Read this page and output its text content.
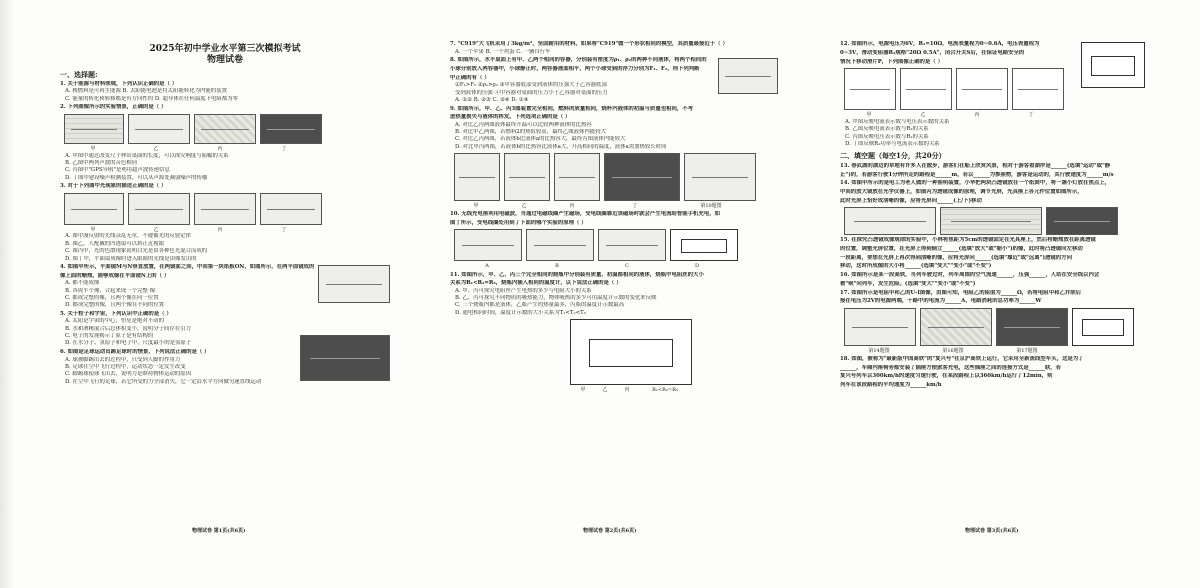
2025年初中学业水平第三次模拟考试
物理试卷
一、选择题:
1. 关于能源与材料领域，下列认识正确的是（ ）
A. 核燃料是可再生能源 B. 太阳能电池是将太阳能转化为内能的装置
C. 能量的转化和转移都是有方向性的 D. 超导体在任何温度下电阻都为零
2. 下列图像所示的实验情景，正确的是（ ）
甲	乙	丙	丁
A. 甲图中通过改变尺子伸出桌面的长度，可以探究响度与振幅的关系
B. 乙图中两列声波的音色相同
C. 丙图中"GPS导航"是利用超声波传递信息
D. 丁图中建设噪声检测装置，可以从声源处减弱噪声的传播
3. 对于下列图中光现象的描述正确的是（ ）
甲	乙	丙	丁
A. 图甲漫反射的光线杂乱无章，不遵循光的反射定律
B. 图乙，人配戴的凹透镜可以矫正近视眼
C. 图丙中，光的色散现象说明白光是由各种色光混合而成的
D. 图丁中，平面镜成像时进入眼睛的光线是由像发出的
4. 如图甲所示，平面镜M与N垂直放置，在两镜面之间，中间第一块纸板ON，如图所示，在两平面镜成的
像上面的蜡烛，能够成像在平面镜N上的（ ）
A. 都不能成像
B. 各成半个像，合起来成一个完整 像
C. 都成完整的像，且两个像在同一位置
D. 都成完整的像，且两个像在不同的位置
5. 关于粒子和宇宙，下列认识中正确的是（ ）
A. 太阳是宇宙的中心，恒星是绝对不动的
B. 水和酒精混合后总体积变小，说明分子间存在引力
C. 电子的发现揭示了原子是有结构的
D. 在水分子、氢原子和电子中，尺度最小的是氢原子
6. 如图是足球运动员踢足球时的情景，下列说法正确的是（ ）
A. 球被脚踢出去的过程中，只受到人脚的作用力
B. 足球在空中飞行过程中，运动状态一定发生改变
C. 脚踢球使球飞出去，说明力是维持物体运动的原因
D. 在空中飞行的足球，若它所受的力全部消失，它一定沿水平方向做匀速直线运动
物理试卷 第1页(共6页)
7. "C919"大飞机采用了3kg/m³，坚固耐用的材料，如果将"C919"做一个形状相同的模型，其质量最接近于（ ）
A. 一个苹果 B. 一个鸡蛋 C. 一辆自行车
8. 如图所示，水平桌面上有甲、乙两个相同的容器，分别装有密度为ρ₁、ρ₂的两种不同液体，将两个相同的
小球分别放入两容器中，小球静止时，两容器液面相平，两个小球受到的浮力分别为F₁、F₂，则下列判断
中正确的有（ ）
①F₁>F₂ ②ρ₁>ρ₂ ③甲容器底部受到液体的压强大于乙容器底部
受到液体的压强 ④甲容器对桌面的压力小于乙容器对桌面的压力
A. ①② B. ②③ C. ③④ D. ①④
9. 如图所示，甲、乙、丙3图装置完全相同，燃料的质量相同，烧杯内液体的初温与质量也相同，不考
虑热量损失与液体的挥发。下列选项正确的是（ ）
A. 对比乙丙两图液体最终升温可以比较两种液体的比热容
B. 对比甲乙两图，若燃料2的热值较高，最终乙图液体内能较大
C. 对比乙丙两图，若液体b比液体a的比热容大，最终丙图液体内能较大
D. 对比甲丙两图，若液体b的比热容比液体a大，升高相同的温度，液体a需加热较长时间
甲	乙	丙	丁	第10题图
10. 无线充电座利用电磁波，当通过电磁线圈产生磁场，受电线圈靠近该磁场时就会产生电流给智能手机充电，如
图丁所示，受电线圈处用到了下面的哪个实验的原理（ ）
A	B	C	D
11. 如图所示，甲、乙、丙三个完全相同的烧瓶中分别装有质量、初温都相同的液体，烧瓶中电阻丝的大小
关系为R₁<R₂=R₃，烧瓶内插入相同的温度计，以下说法正确的是（ ）
A. 甲、丙可探究电阻丝产生电热的多少与电阻大小的关系
B. 乙、丙可探究不同物质的吸热能力，物体吸热的多少可用温度计示数的变化来反映
C. 三个烧瓶内都是液体，乙瓶产生的热量最多，丙瓶的温度计示数最高
D. 通电相同时间，温度计示数的大小关系为T₁<T₂<T₃
甲	乙	丙	R₁<R₂=R₃
物理试卷 第2页(共6页)
12. 如图所示，电源电压为6V，R₁=10Ω，电流表量程为0~0.6A，电压表量程为
0~3V，滑动变阻器R₂规格"20Ω 0.5A"，闭合开关S后，在保证电路安全的
情况下移动滑片P，下列图像正确的是（ ）
甲	乙	丙	丁
A. 甲图反映电流表示数与电压表示数的关系
B. 乙图反映电流表示数与R₂的关系
C. 丙图反映电压表示数与R₂的关系
D. 丁图反映R₁功率与电流表示数的关系
二、填空题（每空1分，共20分）
13. 春武湖的湖边的草地有许多人在散步，游客们在船上欣赏风景，相对于游客看湖岸是______(选填"运动"或"静
止")的，若游客行驶1分钟所走的路程是______m，若以______为参照物，游客是运动的，其行驶速度为______m/s
14. 如图甲所示的是电工为老人做的一种照明装置，小华把两块凸透镜放在一个纸筒中，将一盏小灯放在焦点上，
中间的放大镜放在光学仪器上，如图丙为透镜成像的原理，调节光屏，光具座上各元件位置如图所示，
此时光屏上恰好成清晰的像，应将光屏向______(上/下)移动
15. 在探究凸透镜成像规律的实验中，小林将焦距为5cm的透镜固定在光具座上，然后将蜡烛放在距离透镜
的位置，调整光屏位置，在光屏上得到倒立______(选填"放大"或"缩小")的像，此时将凸透镜向左移动
一段距离，要想在光屏上再次得到清晰的像，应将光屏向______(选填"靠近"或"远离")透镜的方向
移动，这时所成像的大小将______(选填"变大""变小"或"不变")
16. 如图所示是某一段高铁，当列车驶过时，列车周围的空气流速______，压强______，人站在安全线以内会
被"吸"向列车，发生危险。(选填"变大""变小"或"不变")
17. 如图所示是电阻甲和乙的U-I图像，由图可知，电阻乙的阻值为______Ω，若将电阻甲和乙并联后
接在电压为2V的电源两端，干路中的电流为______A，电路消耗的总功率为______W
第14题图	第16题图	第17题图
18. 如图，被称为"最新版中国高铁"的"复兴号"在京沪高铁上运行，它采用全新流线型车头，这是为了
______，车厢内座椅旁都安装了插座方便旅客充电，这些插座之间的连接方式是______联，若
复兴号列车以300km/h的速度匀速行驶，在某段路程上以360km/h运行了12min，则
列车在该段路程的平均速度为______km/h
物理试卷 第3页(共6页)
